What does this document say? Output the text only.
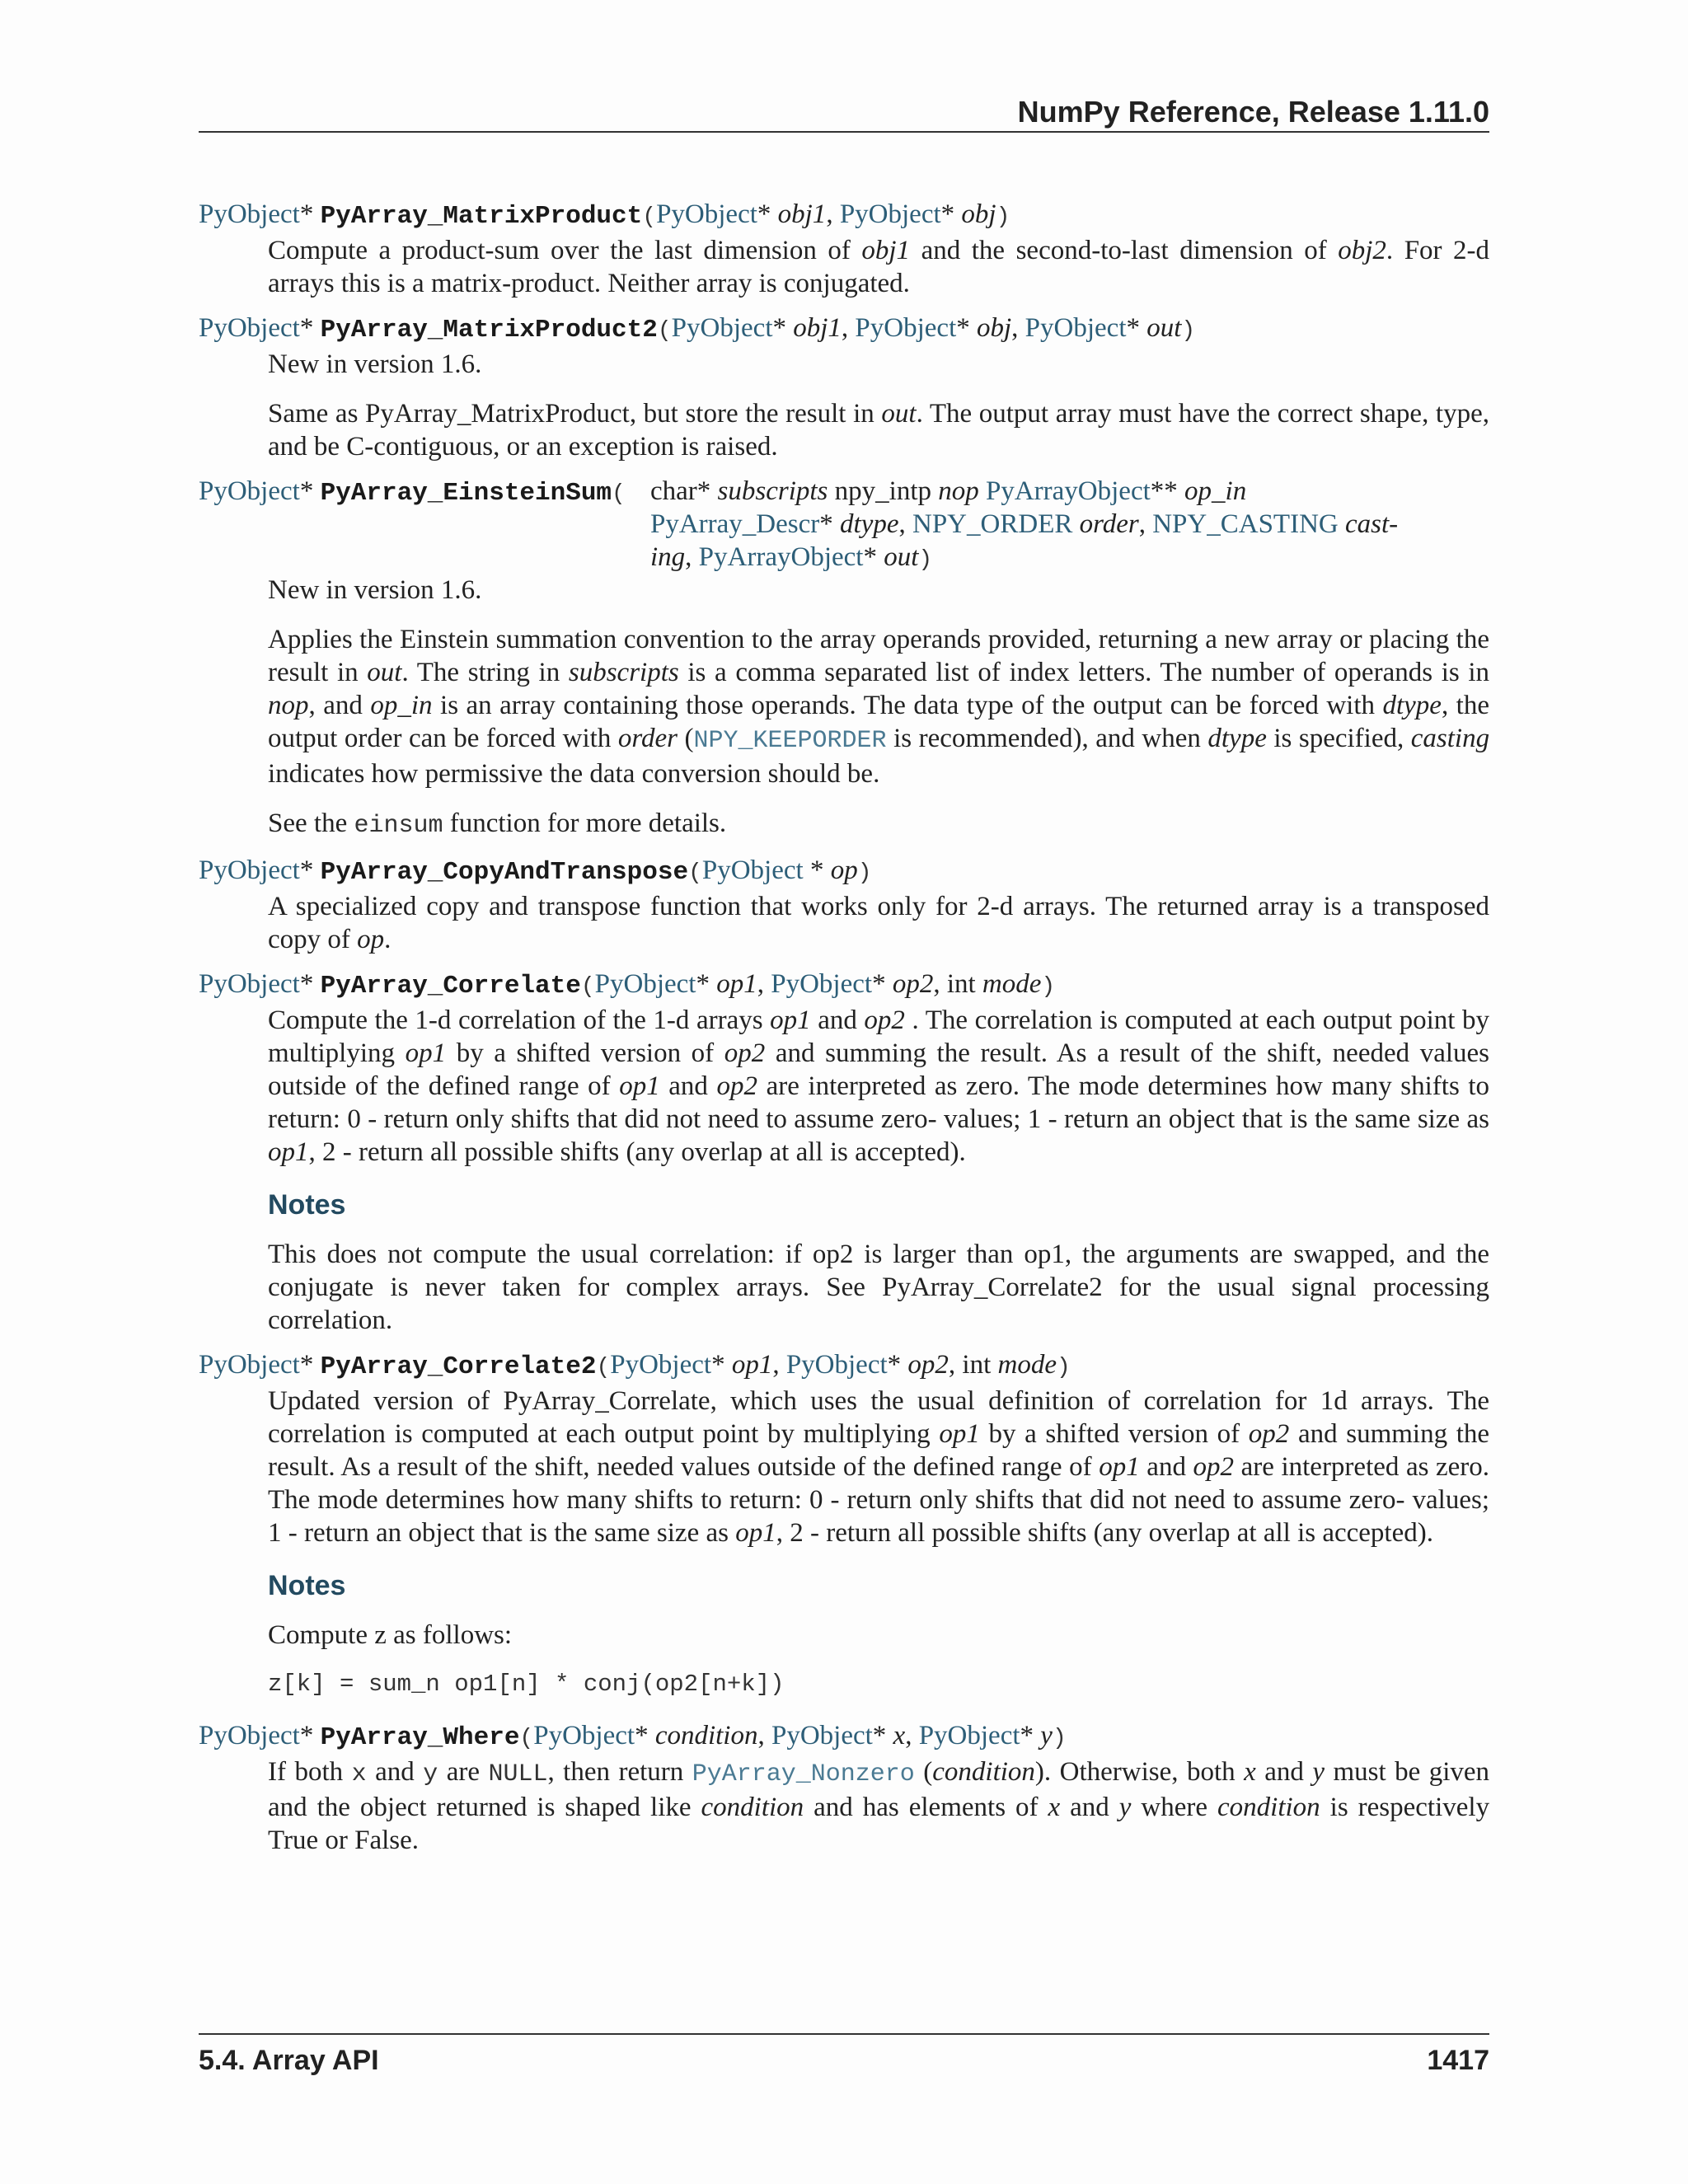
NumPy Reference, Release 1.11.0
PyObject* PyArray_MatrixProduct(PyObject* obj1, PyObject* obj)

Compute a product-sum over the last dimension of obj1 and the second-to-last dimension of obj2. For 2-d arrays this is a matrix-product. Neither array is conjugated.

PyObject* PyArray_MatrixProduct2(PyObject* obj1, PyObject* obj, PyObject* out)

New in version 1.6.

Same as PyArray_MatrixProduct, but store the result in out. The output array must have the correct shape, type, and be C-contiguous, or an exception is raised.

PyObject* PyArray_EinsteinSum( char* subscripts npy_intp nop PyArrayObject** op_in
PyArray_Descr* dtype, NPY_ORDER order, NPY_CASTING cast-
ing, PyArrayObject* out)

New in version 1.6.

Applies the Einstein summation convention to the array operands provided, returning a new array or placing the result in out. The string in subscripts is a comma separated list of index letters. The number of operands is in nop, and op_in is an array containing those operands. The data type of the output can be forced with dtype, the output order can be forced with order (NPY_KEEPORDER is recommended), and when dtype is specified, casting indicates how permissive the data conversion should be.

See the einsum function for more details.

PyObject* PyArray_CopyAndTranspose(PyObject * op)

A specialized copy and transpose function that works only for 2-d arrays. The returned array is a transposed copy of op.

PyObject* PyArray_Correlate(PyObject* op1, PyObject* op2, int mode)

Compute the 1-d correlation of the 1-d arrays op1 and op2 . The correlation is computed at each output point by multiplying op1 by a shifted version of op2 and summing the result. As a result of the shift, needed values outside of the defined range of op1 and op2 are interpreted as zero. The mode determines how many shifts to return: 0 - return only shifts that did not need to assume zero- values; 1 - return an object that is the same size as op1, 2 - return all possible shifts (any overlap at all is accepted).

Notes

This does not compute the usual correlation: if op2 is larger than op1, the arguments are swapped, and the conjugate is never taken for complex arrays. See PyArray_Correlate2 for the usual signal processing correlation.

PyObject* PyArray_Correlate2(PyObject* op1, PyObject* op2, int mode)

Updated version of PyArray_Correlate, which uses the usual definition of correlation for 1d arrays. The correlation is computed at each output point by multiplying op1 by a shifted version of op2 and summing the result. As a result of the shift, needed values outside of the defined range of op1 and op2 are interpreted as zero. The mode determines how many shifts to return: 0 - return only shifts that did not need to assume zero- values; 1 - return an object that is the same size as op1, 2 - return all possible shifts (any overlap at all is accepted).

Notes

Compute z as follows:

z[k] = sum_n op1[n] * conj(op2[n+k])
PyObject* PyArray_Where(PyObject* condition, PyObject* x, PyObject* y)

If both x and y are NULL, then return PyArray_Nonzero (condition). Otherwise, both x and y must be given and the object returned is shaped like condition and has elements of x and y where condition is respectively True or False.

5.4. Array API	1417
